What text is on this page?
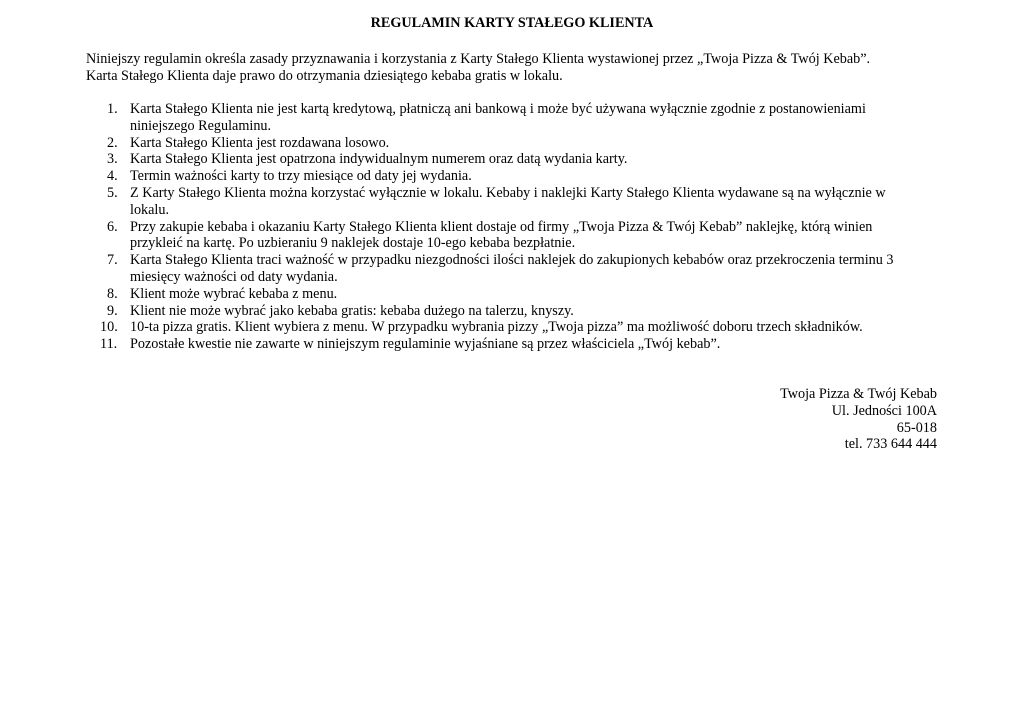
REGULAMIN KARTY STAŁEGO KLIENTA

Niniejszy regulamin określa zasady przyznawania i korzystania z Karty Stałego Klienta wystawionej przez „Twoja Pizza & Twój Kebab”.

Karta Stałego Klienta daje prawo do otrzymania dziesiątego kebaba gratis w lokalu.

1. Karta Stałego Klienta nie jest kartą kredytową, płatniczą ani bankową i może być używana wyłącznie zgodnie z postanowieniami niniejszego Regulaminu.
2. Karta Stałego Klienta jest rozdawana losowo.
3. Karta Stałego Klienta jest opatrzona indywidualnym numerem oraz datą wydania karty.
4. Termin ważności karty to trzy miesiące od daty jej wydania.
5. Z Karty Stałego Klienta można korzystać wyłącznie w lokalu. Kebaby i naklejki Karty Stałego Klienta wydawane są na wyłącznie w lokalu.
6. Przy zakupie kebaba i okazaniu Karty Stałego Klienta klient dostaje od firmy „Twoja Pizza & Twój Kebab” naklejkę, którą winien przykleić na kartę. Po uzbieraniu 9 naklejek dostaje 10-ego kebaba bezpłatnie.
7. Karta Stałego Klienta traci ważność w przypadku niezgodności ilości naklejek do zakupionych kebabów oraz przekroczenia terminu 3 miesięcy ważności od daty wydania.
8. Klient może wybrać kebaba z menu.
9. Klient nie może wybrać jako kebaba gratis: kebaba dużego na talerzu, knyszy.
10. 10-ta pizza gratis. Klient wybiera z menu. W przypadku wybrania pizzy „Twoja pizza” ma możliwość doboru trzech składników.
11. Pozostałe kwestie nie zawarte w niniejszym regulaminie wyjaśniane są przez właściciela „Twój kebab”.
Twoja Pizza & Twój Kebab
Ul. Jedności 100A
65-018
tel. 733 644 444
